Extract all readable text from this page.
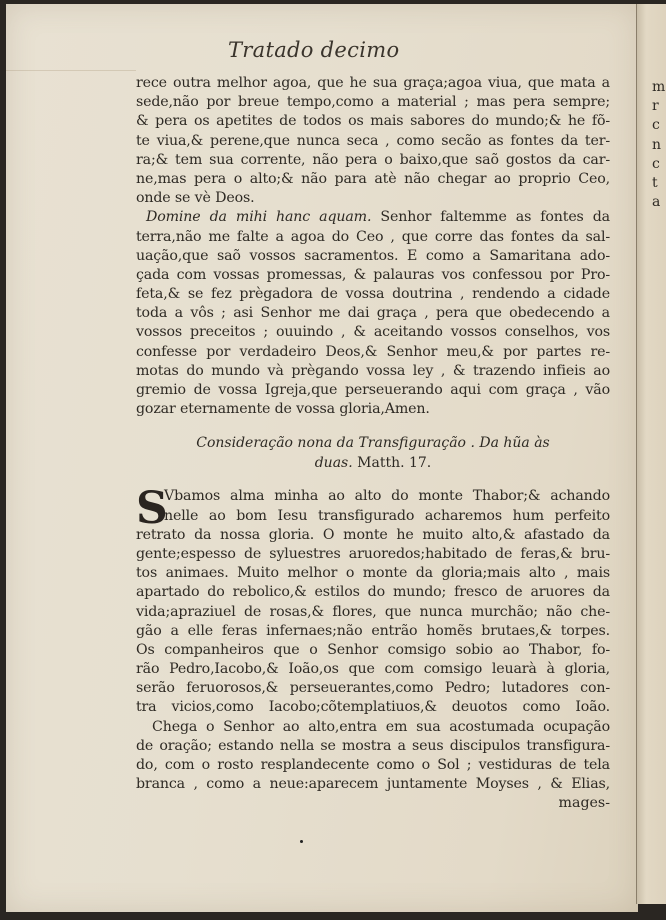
m
r
c
n
c
t
a
Tratado decimo
rece outra melhor agoa, que he sua graça;agoa viua, que mata a
sede,não por breue tempo,como a material ; mas pera sempre;
& pera os apetites de todos os mais sabores do mundo;& he fõ-
te viua,& perene,que nunca seca , como secão as fontes da ter-
ra;& tem sua corrente, não pera o baixo,que saõ gostos da car-
ne,mas pera o alto;& não para atè não chegar ao proprio Ceo,
onde se vè Deos.
Domine da mihi hanc aquam. Senhor faltemme as fontes da
terra,não me falte a agoa do Ceo , que corre das fontes da sal-
uação,que saõ vossos sacramentos. E como a Samaritana ado-
çada com vossas promessas, & palauras vos confessou por Pro-
feta,& se fez prègadora de vossa doutrina , rendendo a cidade
toda a vôs ; asi Senhor me dai graça , pera que obedecendo a
vossos preceitos ; ouuindo , & aceitando vossos conselhos, vos
confesse por verdadeiro Deos,& Senhor meu,& por partes re-
motas do mundo và prègando vossa ley , & trazendo infieis ao
gremio de vossa Igreja,que perseuerando aqui com graça , vão
gozar eternamente de vossa gloria,Amen.
Consideração nona da Transfiguração . Da hũa às
duas. Matth. 17.
S
Vbamos alma minha ao alto do monte Thabor;& achando
nelle ao bom Iesu transfigurado acharemos hum perfeito
retrato da nossa gloria. O monte he muito alto,& afastado da
gente;espesso de syluestres aruoredos;habitado de feras,& bru-
tos animaes. Muito melhor o monte da gloria;mais alto , mais
apartado do rebolico,& estilos do mundo; fresco de aruores da
vida;apraziuel de rosas,& flores, que nunca murchão; não che-
gão a elle feras infernaes;não entrão homẽs brutaes,& torpes.
Os companheiros que o Senhor comsigo sobio ao Thabor, fo-
rão Pedro,Iacobo,& Ioão,os que com comsigo leuarà à gloria,
serão feruorosos,& perseuerantes,como Pedro; lutadores con-
tra vicios,como Iacobo;cõtemplatiuos,& deuotos como Ioão.
Chega o Senhor ao alto,entra em sua acostumada ocupação
de oração; estando nella se mostra a seus discipulos transfigura-
do, com o rosto resplandecente como o Sol ; vestiduras de tela
branca , como a neue:aparecem juntamente Moyses , & Elias,
mages-
